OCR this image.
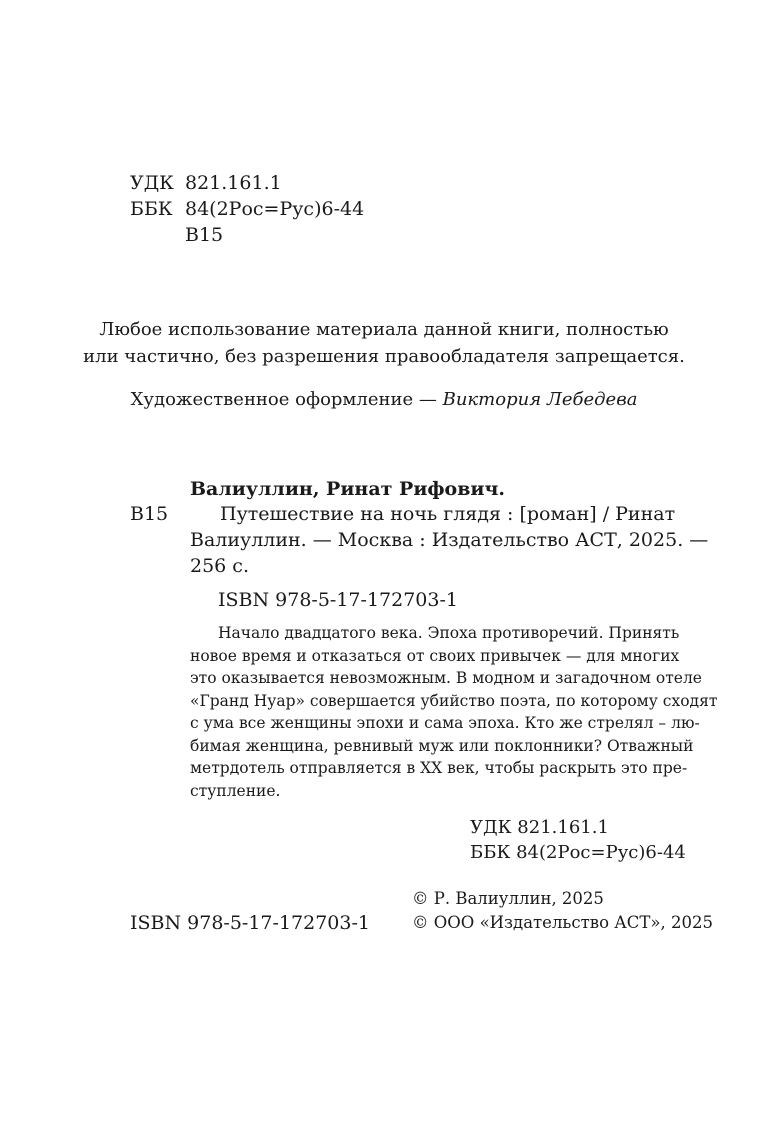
УДК 821.161.1
ББК 84(2Рос=Рус)6-44
В15
Любое использование материала данной книги, полностью
или частично, без разрешения правообладателя запрещается.
Художественное оформление — Виктория Лебедева
Валиуллин, Ринат Рифович.
В15	Путешествие на ночь глядя : [роман] / Ринат
Валиуллин. — Москва : Издательство АСТ, 2025. —
256 с.
ISBN 978-5-17-172703-1
Начало двадцатого века. Эпоха противоречий. Принять
новое время и отказаться от своих привычек — для многих
это оказывается невозможным. В модном и загадочном отеле
«Гранд Нуар» совершается убийство поэта, по которому сходят
с ума все женщины эпохи и сама эпоха. Кто же стрелял – лю-
бимая женщина, ревнивый муж или поклонники? Отважный
метрдотель отправляется в XX век, чтобы раскрыть это пре-
ступление.
УДК 821.161.1
ББК 84(2Рос=Рус)6-44
ISBN 978-5-17-172703-1
© Р. Валиуллин, 2025
© ООО «Издательство АСТ», 2025
